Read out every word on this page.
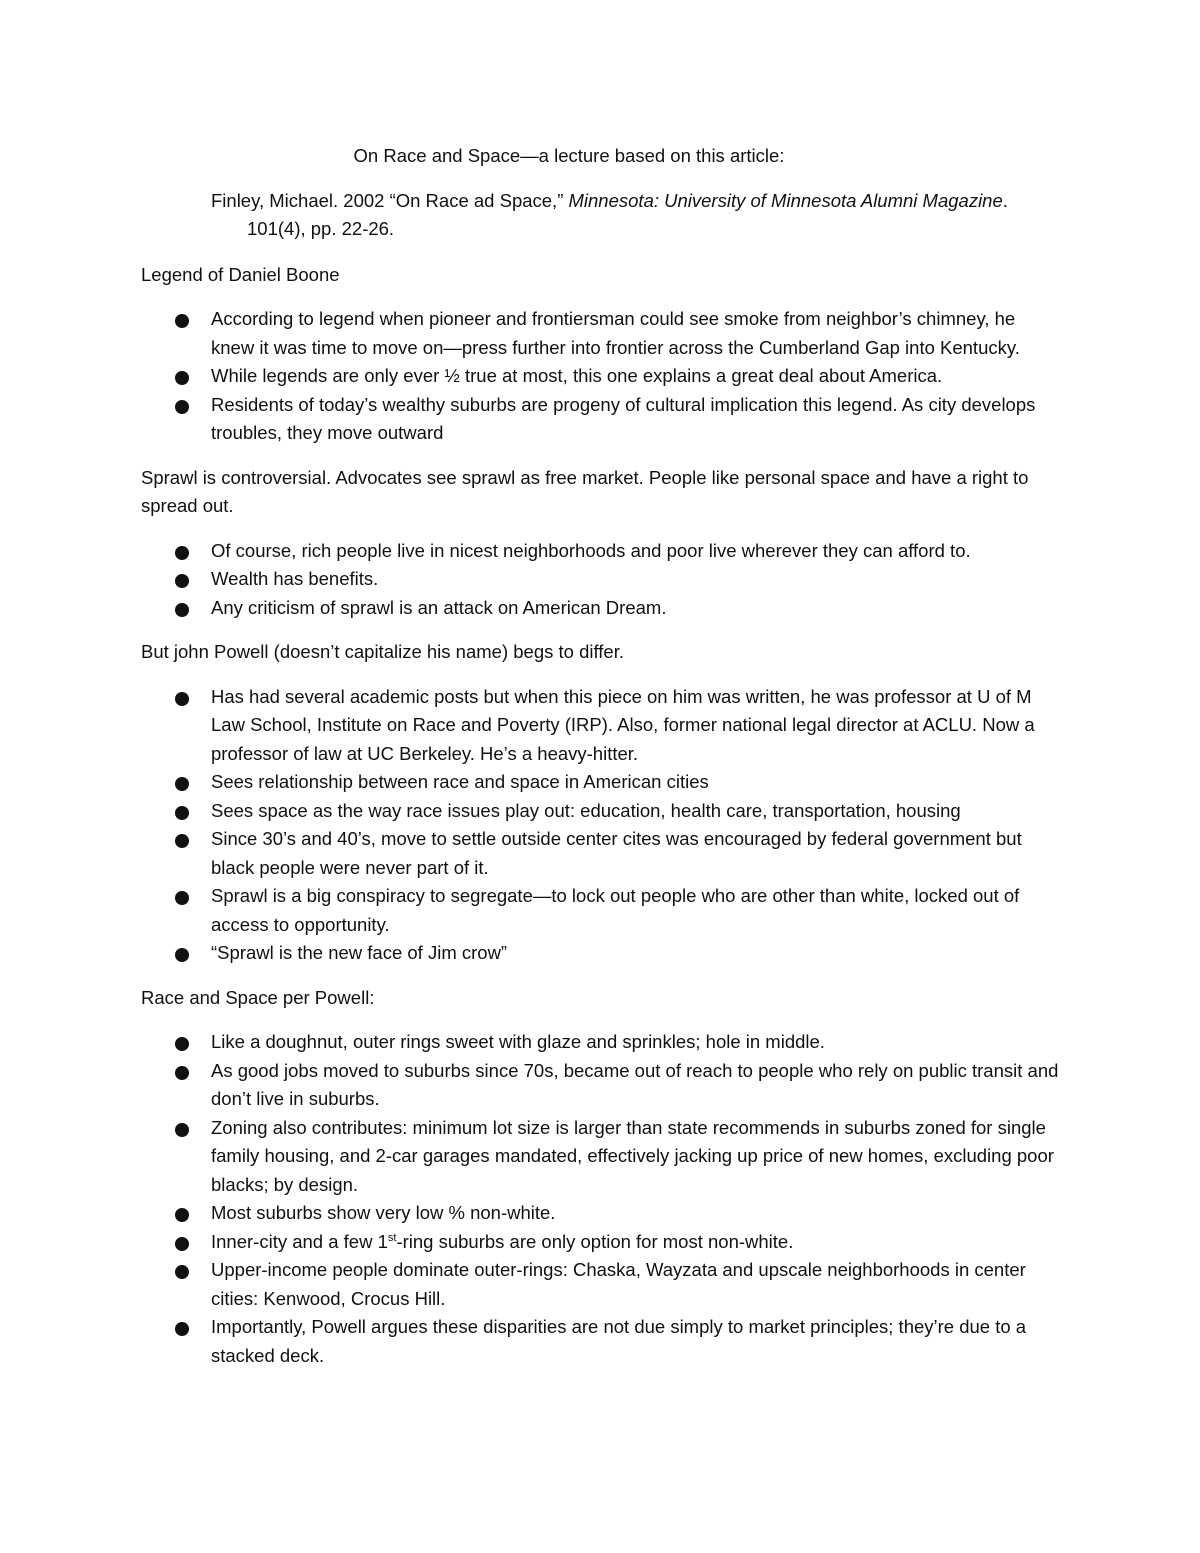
On Race and Space—a lecture based on this article:

Finley, Michael. 2002 “On Race ad Space,” Minnesota: University of Minnesota Alumni Magazine. 101(4), pp. 22-26.

Legend of Daniel Boone

According to legend when pioneer and frontiersman could see smoke from neighbor’s chimney, he knew it was time to move on—press further into frontier across the Cumberland Gap into Kentucky.
While legends are only ever ½ true at most, this one explains a great deal about America.
Residents of today’s wealthy suburbs are progeny of cultural implication this legend. As city develops troubles, they move outward

Sprawl is controversial. Advocates see sprawl as free market. People like personal space and have a right to spread out.

Of course, rich people live in nicest neighborhoods and poor live wherever they can afford to.
Wealth has benefits.
Any criticism of sprawl is an attack on American Dream.

But john Powell (doesn’t capitalize his name) begs to differ.

Has had several academic posts but when this piece on him was written, he was professor at U of M Law School, Institute on Race and Poverty (IRP). Also, former national legal director at ACLU. Now a professor of law at UC Berkeley. He’s a heavy-hitter.
Sees relationship between race and space in American cities
Sees space as the way race issues play out: education, health care, transportation, housing
Since 30’s and 40’s, move to settle outside center cites was encouraged by federal government but black people were never part of it.
Sprawl is a big conspiracy to segregate—to lock out people who are other than white, locked out of access to opportunity.
“Sprawl is the new face of Jim crow”

Race and Space per Powell:

Like a doughnut, outer rings sweet with glaze and sprinkles; hole in middle.
As good jobs moved to suburbs since 70s, became out of reach to people who rely on public transit and don’t live in suburbs.
Zoning also contributes: minimum lot size is larger than state recommends in suburbs zoned for single family housing, and 2-car garages mandated, effectively jacking up price of new homes, excluding poor blacks; by design.
Most suburbs show very low % non-white.
Inner-city and a few 1st-ring suburbs are only option for most non-white.
Upper-income people dominate outer-rings: Chaska, Wayzata and upscale neighborhoods in center cities: Kenwood, Crocus Hill.
Importantly, Powell argues these disparities are not due simply to market principles; they’re due to a stacked deck.
